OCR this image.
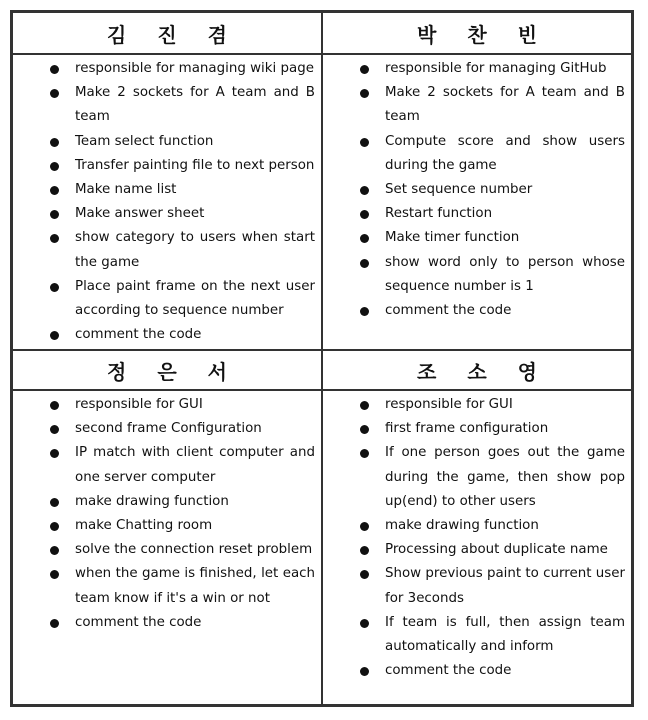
김 진 겸	박 찬 빈
responsible for managing wiki page
Make 2 sockets for A team and B team
Team select function
Transfer painting file to next person
Make name list
Make answer sheet
show category to users when start the game
Place paint frame on the next user according to sequence number
comment the code
responsible for managing GitHub
Make 2 sockets for A team and B team
Compute score and show users during the game
Set sequence number
Restart function
Make timer function
show word only to person whose sequence number is 1
comment the code
정 은 서	조 소 영
responsible for GUI
second frame Configuration
IP match with client computer and one server computer
make drawing function
make Chatting room
solve the connection reset problem
when the game is finished, let each team know if it's a win or not
comment the code
responsible for GUI
first frame configuration
If one person goes out the game during the game, then show pop up(end) to other users
make drawing function
Processing about duplicate name
Show previous paint to current user for 3econds
If team is full, then assign team automatically and inform
comment the code
